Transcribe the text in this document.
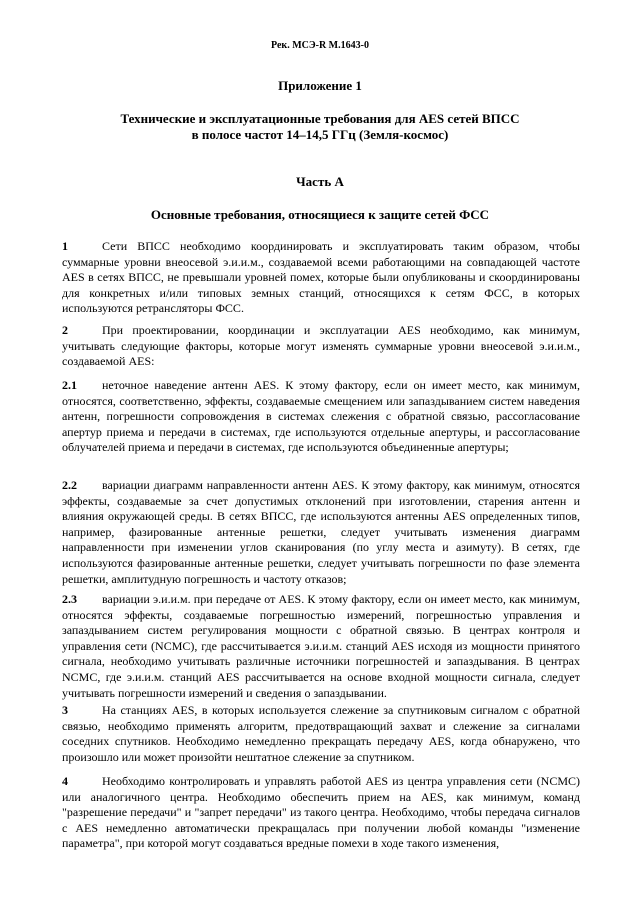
Рек. МСЭ-R M.1643-0
Приложение 1
Технические и эксплуатационные требования для AES сетей ВПСС
в полосе частот 14–14,5 ГГц (Земля-космос)
Часть А
Основные требования, относящиеся к защите сетей ФСС
1	Сети ВПСС необходимо координировать и эксплуатировать таким образом, чтобы суммарные уровни внеосевой э.и.и.м., создаваемой всеми работающими на совпадающей частоте AES в сетях ВПСС, не превышали уровней помех, которые были опубликованы и скоординированы для конкретных и/или типовых земных станций, относящихся к сетям ФСС, в которых используются ретрансляторы ФСС.
2	При проектировании, координации и эксплуатации AES необходимо, как минимум, учитывать следующие факторы, которые могут изменять суммарные уровни внеосевой э.и.и.м., создаваемой AES:
2.1 неточное наведение антенн AES. К этому фактору, если он имеет место, как минимум, относятся, соответственно, эффекты, создаваемые смещением или запаздыванием систем наведения антенн, погрешности сопровождения в системах слежения с обратной связью, рассогласование апертур приема и передачи в системах, где используются отдельные апертуры, и рассогласование облучателей приема и передачи в системах, где используются объединенные апертуры;
2.2 вариации диаграмм направленности антенн AES. К этому фактору, как минимум, относятся эффекты, создаваемые за счет допустимых отклонений при изготовлении, старения антенн и влияния окружающей среды. В сетях ВПСС, где используются антенны AES определенных типов, например, фазированные антенные решетки, следует учитывать изменения диаграмм направленности при изменении углов сканирования (по углу места и азимуту). В сетях, где используются фазированные антенные решетки, следует учитывать погрешности по фазе элемента решетки, амплитудную погрешность и частоту отказов;
2.3 вариации э.и.и.м. при передаче от AES. К этому фактору, если он имеет место, как минимум, относятся эффекты, создаваемые погрешностью измерений, погрешностью управления и запаздыванием систем регулирования мощности с обратной связью. В центрах контроля и управления сети (NCMC), где рассчитывается э.и.и.м. станций AES исходя из мощности принятого сигнала, необходимо учитывать различные источники погрешностей и запаздывания. В центрах NCMC, где э.и.и.м. станций AES рассчитывается на основе входной мощности сигнала, следует учитывать погрешности измерений и сведения о запаздывании.
3	На станциях AES, в которых используется слежение за спутниковым сигналом с обратной связью, необходимо применять алгоритм, предотвращающий захват и слежение за сигналами соседних спутников. Необходимо немедленно прекращать передачу AES, когда обнаружено, что произошло или может произойти нештатное слежение за спутником.
4	Необходимо контролировать и управлять работой AES из центра управления сети (NCMC) или аналогичного центра. Необходимо обеспечить прием на AES, как минимум, команд "разрешение передачи" и "запрет передачи" из такого центра. Необходимо, чтобы передача сигналов с AES немедленно автоматически прекращалась при получении любой команды "изменение параметра", при которой могут создаваться вредные помехи в ходе такого изменения,
